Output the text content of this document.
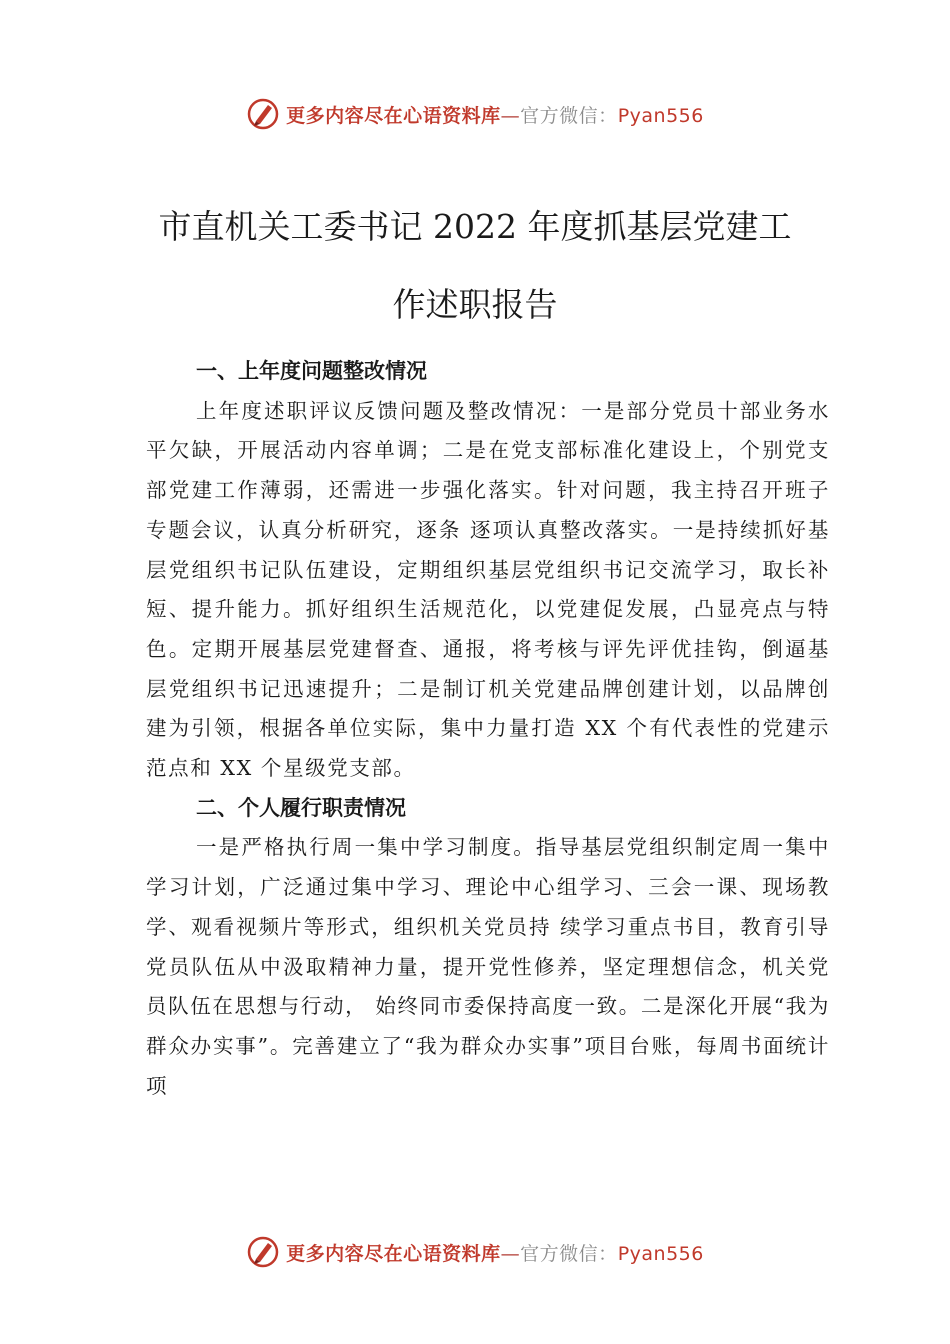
更多内容尽在心语资料库—官方微信：Pyan556
市直机关工委书记 2022 年度抓基层党建工
作述职报告
一、上年度问题整改情况

上年度述职评议反馈问题及整改情况：一是部分党员十部业务水平欠缺，开展活动内容单调；二是在党支部标准化建设上，个别党支部党建工作薄弱，还需进一步强化落实。针对问题，我主持召开班子专题会议，认真分析研究，逐条 逐项认真整改落实。一是持续抓好基层党组织书记队伍建设，定期组织基层党组织书记交流学习，取长补短、提升能力。抓好组织生活规范化，以党建促发展，凸显亮点与特色。定期开展基层党建督查、通报，将考核与评先评优挂钩，倒逼基层党组织书记迅速提升；二是制订机关党建品牌创建计划，以品牌创建为引领，根据各单位实际，集中力量打造 XX 个有代表性的党建示范点和 XX 个星级党支部。

二、个人履行职责情况

一是严格执行周一集中学习制度。指导基层党组织制定周一集中学习计划，广泛通过集中学习、理论中心组学习、三会一课、现场教学、观看视频片等形式，组织机关党员持 续学习重点书目，教育引导党员队伍从中汲取精神力量，提开党性修养，坚定理想信念，机关党员队伍在思想与行动， 始终同市委保持高度一致。二是深化开展“我为群众办实事”。完善建立了“我为群众办实事”项目台账，每周书面统计项

更多内容尽在心语资料库—官方微信：Pyan556
